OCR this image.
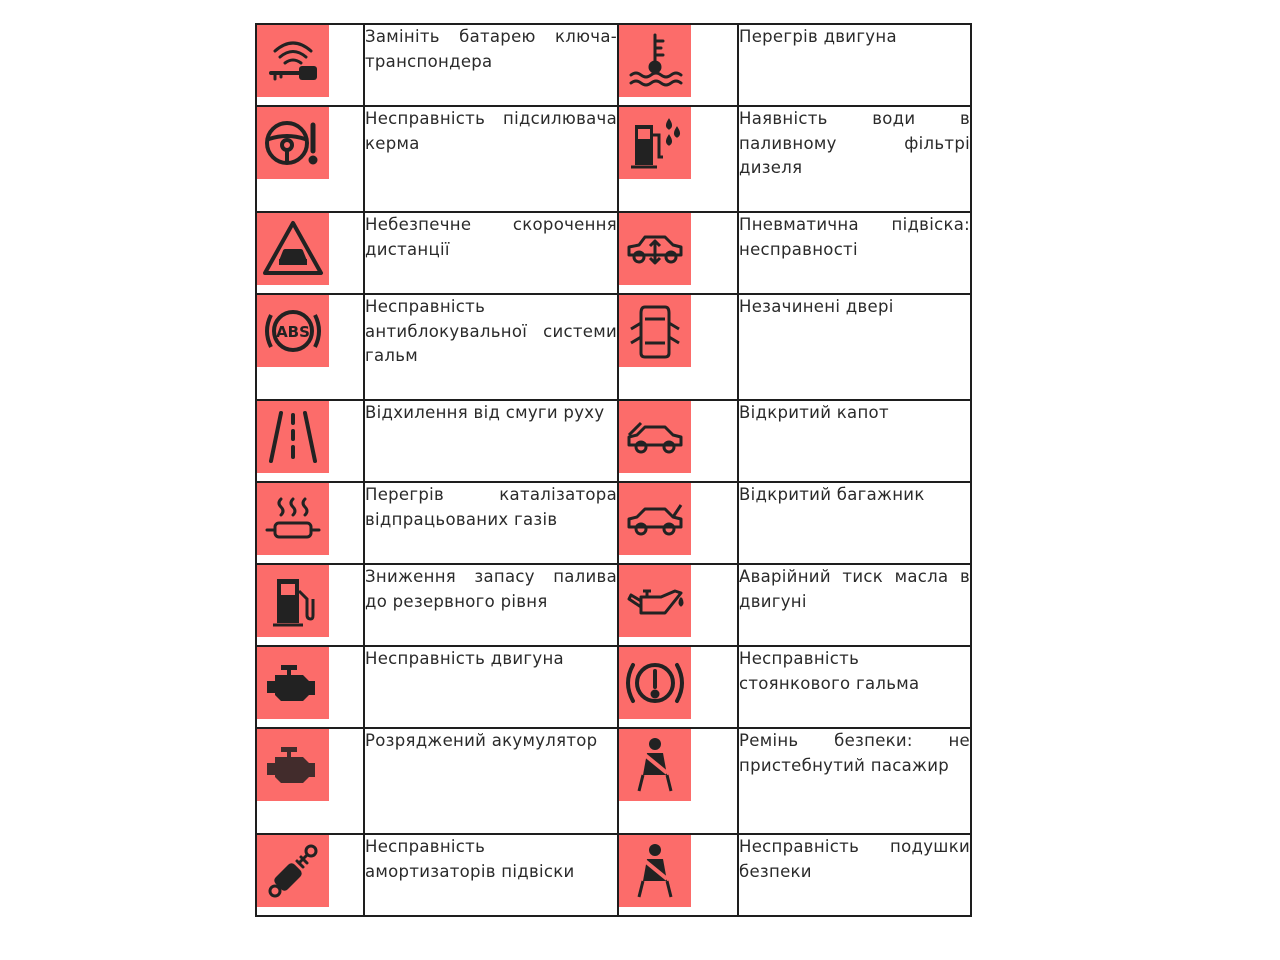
Замініть батарею ключа-транспондера		Перегрів двигуна

Несправність підсилювача керма		Наявність води в паливному фільтрі дизеля

Небезпечне скорочення дистанції		Пневматична підвіска: несправності

ABS	Несправність антиблокувальної системи гальм		Незачинені двері

Відхилення від смуги руху		Відкритий капот

Перегрів каталізатора відпрацьованих газів		Відкритий багажник

Зниження запасу палива до резервного рівня		Аварійний тиск масла в двигуні

Несправність двигуна		Несправність стоянкового гальма

Розряджений акумулятор		Ремінь безпеки: не пристебнутий пасажир

Несправність амортизаторів підвіски		Несправність подушки безпеки
